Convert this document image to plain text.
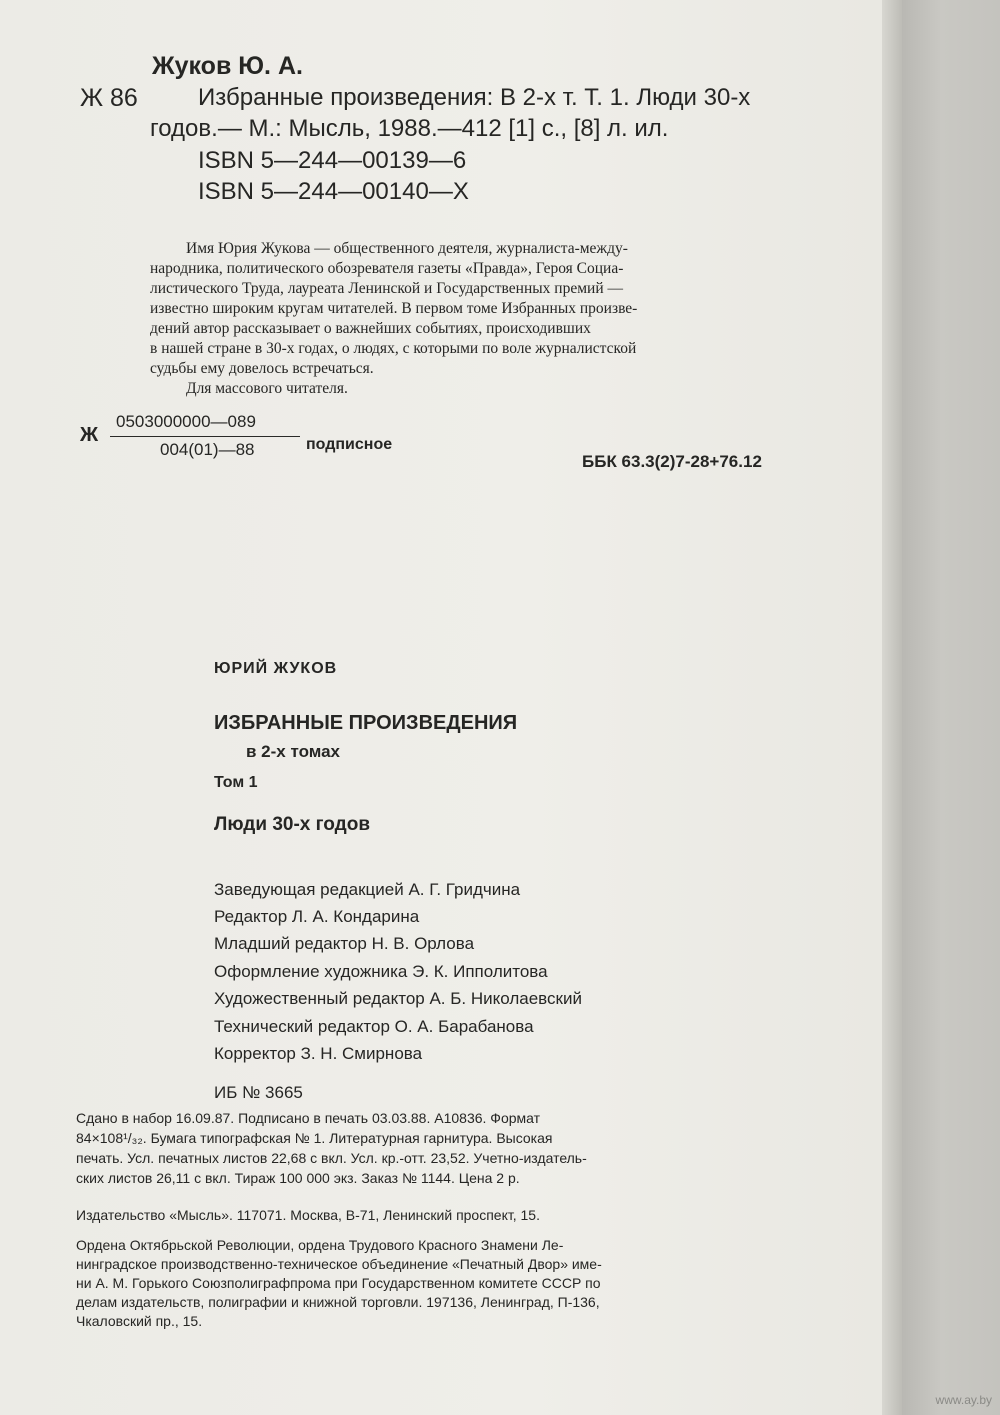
Жуков Ю. А.
Ж 86	Избранные произведения: В 2-х т. Т. 1. Люди 30-х
годов.— М.: Мысль, 1988.—412 [1] с., [8] л. ил.
ISBN 5—244—00139—6
ISBN 5—244—00140—X
Имя Юрия Жукова — общественного деятеля, журналиста-между-
народника, политического обозревателя газеты «Правда», Героя Социа-
листического Труда, лауреата Ленинской и Государственных премий —
известно широким кругам читателей. В первом томе Избранных произве-
дений автор рассказывает о важнейших событиях, происходивших
в нашей стране в 30-х годах, о людях, с которыми по воле журналистской
судьбы ему довелось встречаться.
Для массового читателя.
Ж
0503000000—089
004(01)—88	подписное
ББК 63.3(2)7-28+76.12
ЮРИЙ ЖУКОВ
ИЗБРАННЫЕ ПРОИЗВЕДЕНИЯ
в 2-х томах
Том 1
Люди 30-х годов
Заведующая редакцией А. Г. Гридчина
Редактор Л. А. Кондарина
Младший редактор Н. В. Орлова
Оформление художника Э. К. Ипполитова
Художественный редактор А. Б. Николаевский
Технический редактор О. А. Барабанова
Корректор З. Н. Смирнова
ИБ № 3665
Сдано в набор 16.09.87. Подписано в печать 03.03.88. А10836. Формат
84×108¹/₃₂. Бумага типографская № 1. Литературная гарнитура. Высокая
печать. Усл. печатных листов 22,68 с вкл. Усл. кр.-отт. 23,52. Учетно-издатель-
ских листов 26,11 с вкл. Тираж 100 000 экз. Заказ № 1144. Цена 2 р.
Издательство «Мысль». 117071. Москва, В-71, Ленинский проспект, 15.
Ордена Октябрьской Революции, ордена Трудового Красного Знамени Ле-
нинградское производственно-техническое объединение «Печатный Двор» име-
ни А. М. Горького Союзполиграфпрома при Государственном комитете СССР по
делам издательств, полиграфии и книжной торговли. 197136, Ленинград, П-136,
Чкаловский пр., 15.
www.ay.by
